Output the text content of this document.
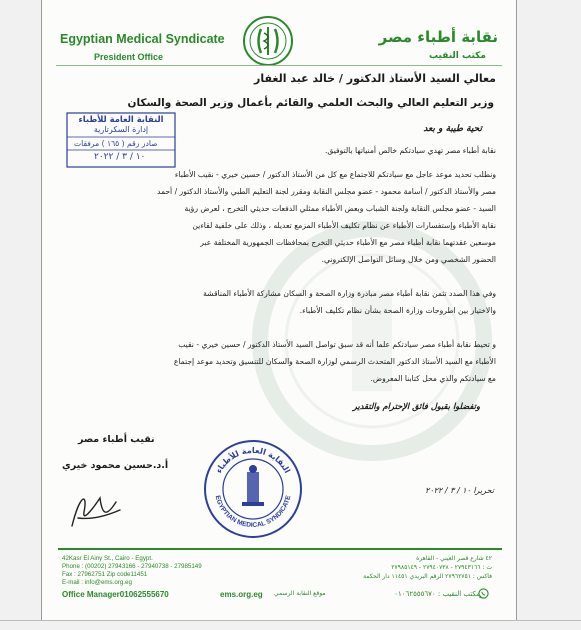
Egyptian Medical Syndicate
President Office
نقابة أطباء مصر
مكتب النقيب
معالي السيد الأستاذ الدكتور / خالد عبد الغفار
وزير التعليم العالي والبحث العلمي والقائم بأعمال وزير الصحة والسكان
النقابة العامة للأطباء
إدارة السكرتارية
صادر رقم ( ١٦٥ ) مرفقات
١٠ / ٣ / ٢٠٢٢
تحية طيبة و بعد
نقابة أطباء مصر تهدي سيادتكم خالص أمنياتها بالتوفيق.
ونطلب تحديد موعد عاجل مع سيادتكم للاجتماع مع كل من الأستاذ الدكتور / حسين خيري - نقيب الأطباء
مصر والأستاذ الدكتور / أسامة محمود - عضو مجلس النقابة ومقرر لجنة التعليم الطبي والأستاذ الدكتور / أحمد
السيد - عضو مجلس النقابة ولجنة الشباب وبعض الأطباء ممثلي الدفعات حديثي التخرج ، لعرض رؤية
نقابة الأطباء وإستفسارات الأطباء عن نظام تكليف الأطباء المزمع تعديله ، وذلك على خلفية لقاءين
موسعين عقدتهما نقابة أطباء مصر مع الأطباء حديثي التخرج بمحافظات الجمهورية المختلفة عبر
الحضور الشخصي ومن خلال وسائل التواصل الإلكتروني.
وفي هذا الصدد تثمن نقابة أطباء مصر مبادرة وزارة الصحة و السكان مشاركة الأطباء المناقشة
والاختيار بين اطروحات وزارة الصحة بشأن نظام تكليف الأطباء.
و تحيط نقابة أطباء مصر سيادتكم علما أنه قد سبق تواصل السيد الأستاذ الدكتور / حسين خيري - نقيب
الأطباء مع السيد الأستاذ الدكتور المتحدث الرسمي لوزارة الصحة والسكان للتنسيق وتحديد موعد إجتماع
مع سيادتكم والذي محل كتابنا المعروض.
وتفضلوا بقبول فائق الإحترام والتقدير
نقيب أطباء مصر
أ.د.حسين محمود خيري	النقابة العامة للأطباء
EGYPTIAN MEDICAL SYNDICATE
تحريرا ١٠ / ٣ / ٢٠٢٢
42Kasr El Ainy St., Cairo - Egypt.
Phone : (00202) 27943166 - 27940738 - 27985149
Fax : 27962751 Zip code11451
E-mail : info@ems.org.eg
٤٢ شارع قصر العيني - القاهرة
ت : ٢٧٩٤٣١٦٦ - ٢٧٩٤٠٧٣٨ - ٢٧٩٨٥١٤٩
فاكس : ٢٧٩٦٢٧٥١ الرقم البريدي ١١٤٥١ دار الحكمة
Office Manager01062555670	ems.org.eg موقع النقابة الرسمي	مكتب النقيب : ٠١٠٦٢٥٥٥٦٧٠
